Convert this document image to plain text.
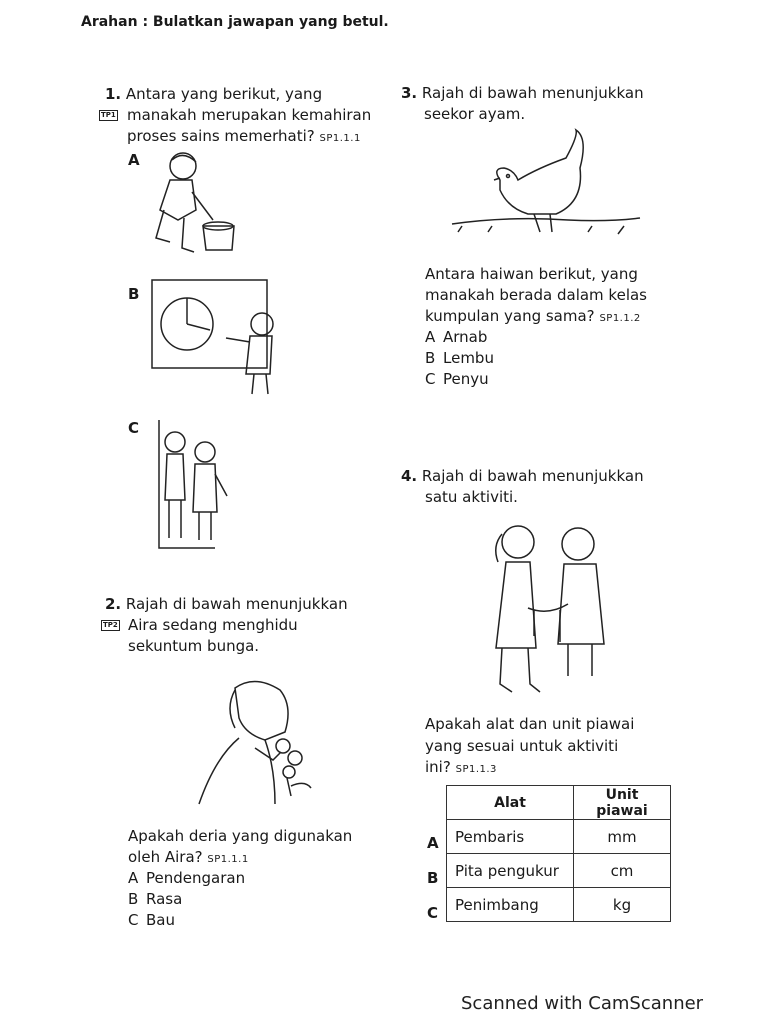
Arahan : Bulatkan jawapan yang betul.
1. Antara yang berikut, yang
TP1 manakah merupakan kemahiran
proses sains memerhati? SP1.1.1
A
B
C
2. Rajah di bawah menunjukkan
TP2 Aira sedang menghidu
sekuntum bunga.
Apakah deria yang digunakan
oleh Aira? SP1.1.1
A Pendengaran
B Rasa
C Bau
3. Rajah di bawah menunjukkan
seekor ayam.
Antara haiwan berikut, yang
manakah berada dalam kelas
kumpulan yang sama? SP1.1.2
A Arnab
B Lembu
C Penyu
4. Rajah di bawah menunjukkan
satu aktiviti.
Apakah alat dan unit piawai
yang sesuai untuk aktiviti
ini? SP1.1.3
A
B
C
Alat	Unit piawai
Pembaris	mm
Pita pengukur	cm
Penimbang	kg
Scanned with CamScanner
